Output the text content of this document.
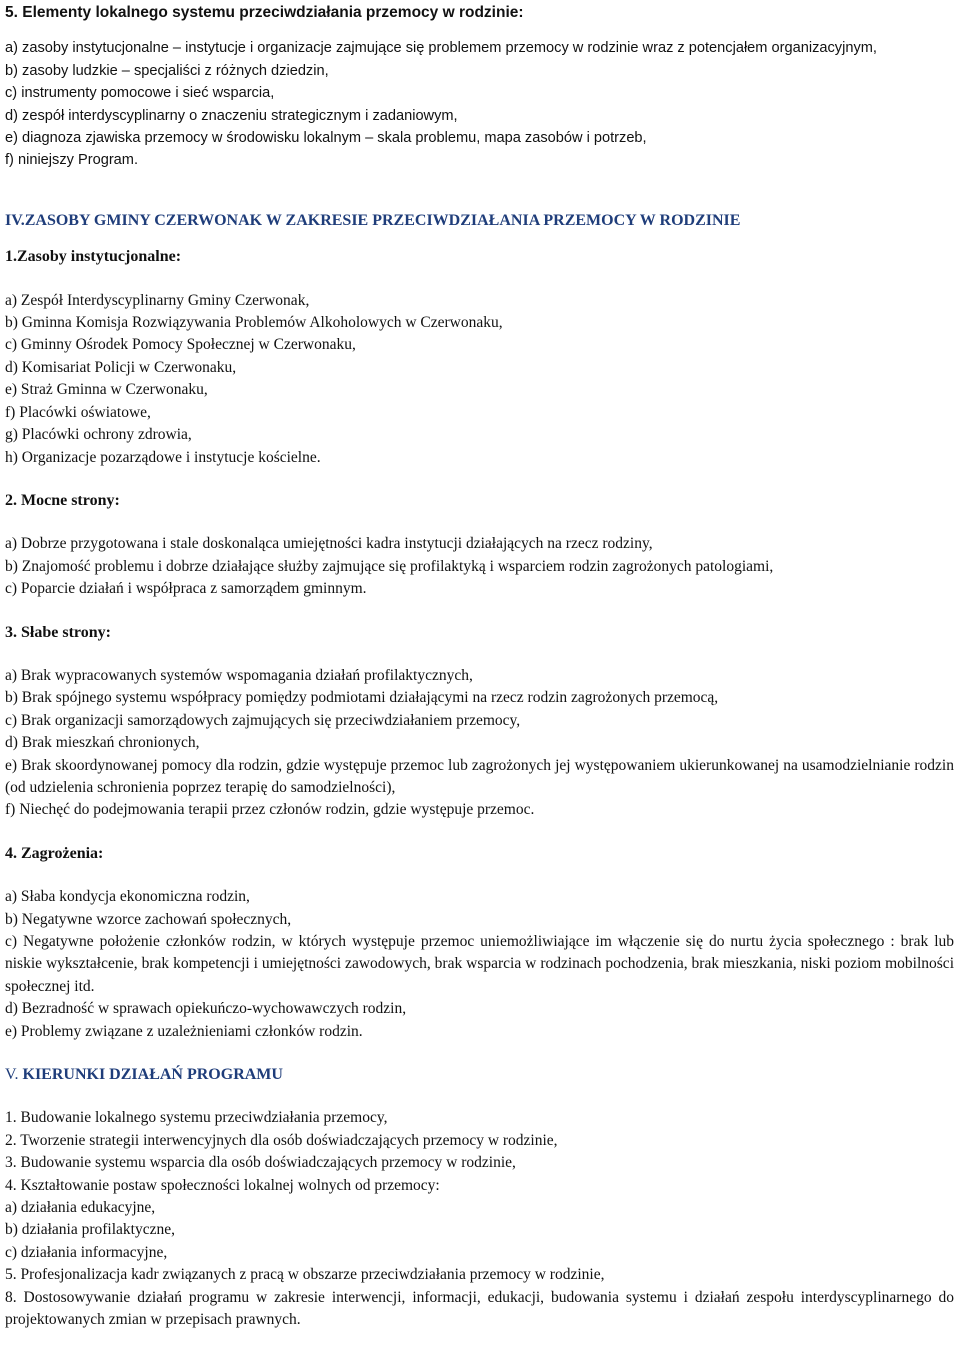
5. Elementy lokalnego systemu przeciwdziałania przemocy w rodzinie:
a) zasoby instytucjonalne – instytucje i organizacje zajmujące się problemem przemocy w rodzinie wraz z potencjałem organizacyjnym,
b) zasoby ludzkie – specjaliści z różnych dziedzin,
c) instrumenty pomocowe i sieć wsparcia,
d) zespół interdyscyplinarny o znaczeniu strategicznym i zadaniowym,
e) diagnoza zjawiska przemocy w środowisku lokalnym – skala problemu, mapa zasobów i potrzeb,
f) niniejszy Program.
IV.ZASOBY GMINY CZERWONAK W ZAKRESIE PRZECIWDZIAŁANIA PRZEMOCY W RODZINIE
1.Zasoby instytucjonalne:
a) Zespół Interdyscyplinarny Gminy Czerwonak,
b) Gminna Komisja Rozwiązywania Problemów Alkoholowych w Czerwonaku,
c) Gminny Ośrodek Pomocy Społecznej w Czerwonaku,
d) Komisariat Policji w Czerwonaku,
e) Straż Gminna w Czerwonaku,
f) Placówki oświatowe,
g) Placówki ochrony zdrowia,
h) Organizacje pozarządowe i instytucje kościelne.
2. Mocne strony:
a) Dobrze przygotowana i stale doskonaląca umiejętności kadra instytucji działających na rzecz rodziny,
b) Znajomość problemu i dobrze działające służby zajmujące się profilaktyką i wsparciem rodzin zagrożonych patologiami,
c) Poparcie działań i współpraca z samorządem gminnym.
3. Słabe strony:
a) Brak wypracowanych systemów wspomagania działań profilaktycznych,
b) Brak spójnego systemu współpracy pomiędzy podmiotami działającymi na rzecz rodzin zagrożonych przemocą,
c) Brak organizacji samorządowych zajmujących się przeciwdziałaniem przemocy,
d) Brak mieszkań chronionych,
e) Brak skoordynowanej pomocy dla rodzin, gdzie występuje przemoc lub zagrożonych jej występowaniem ukierunkowanej na usamodzielnianie rodzin (od udzielenia schronienia poprzez terapię do samodzielności),
f) Niechęć do podejmowania terapii przez członów rodzin, gdzie występuje przemoc.
4. Zagrożenia:
a) Słaba kondycja ekonomiczna rodzin,
b) Negatywne wzorce zachowań społecznych,
c) Negatywne położenie członków rodzin, w których występuje przemoc uniemożliwiające im włączenie się do nurtu życia społecznego : brak lub niskie wykształcenie, brak kompetencji i umiejętności zawodowych, brak wsparcia w rodzinach pochodzenia, brak mieszkania, niski poziom mobilności społecznej itd.
d) Bezradność w sprawach opiekuńczo-wychowawczych rodzin,
e) Problemy związane z uzależnieniami członków rodzin.
V. KIERUNKI DZIAŁAŃ PROGRAMU
1. Budowanie lokalnego systemu przeciwdziałania przemocy,
2. Tworzenie strategii interwencyjnych dla osób doświadczających przemocy w rodzinie,
3. Budowanie systemu wsparcia dla osób doświadczających przemocy w rodzinie,
4. Kształtowanie postaw społeczności lokalnej wolnych od przemocy:
a) działania edukacyjne,
b) działania profilaktyczne,
c) działania informacyjne,
5. Profesjonalizacja kadr związanych z pracą w obszarze przeciwdziałania przemocy w rodzinie,
8. Dostosowywanie działań programu w zakresie interwencji, informacji, edukacji, budowania systemu i działań zespołu interdyscyplinarnego do projektowanych zmian w przepisach prawnych.
